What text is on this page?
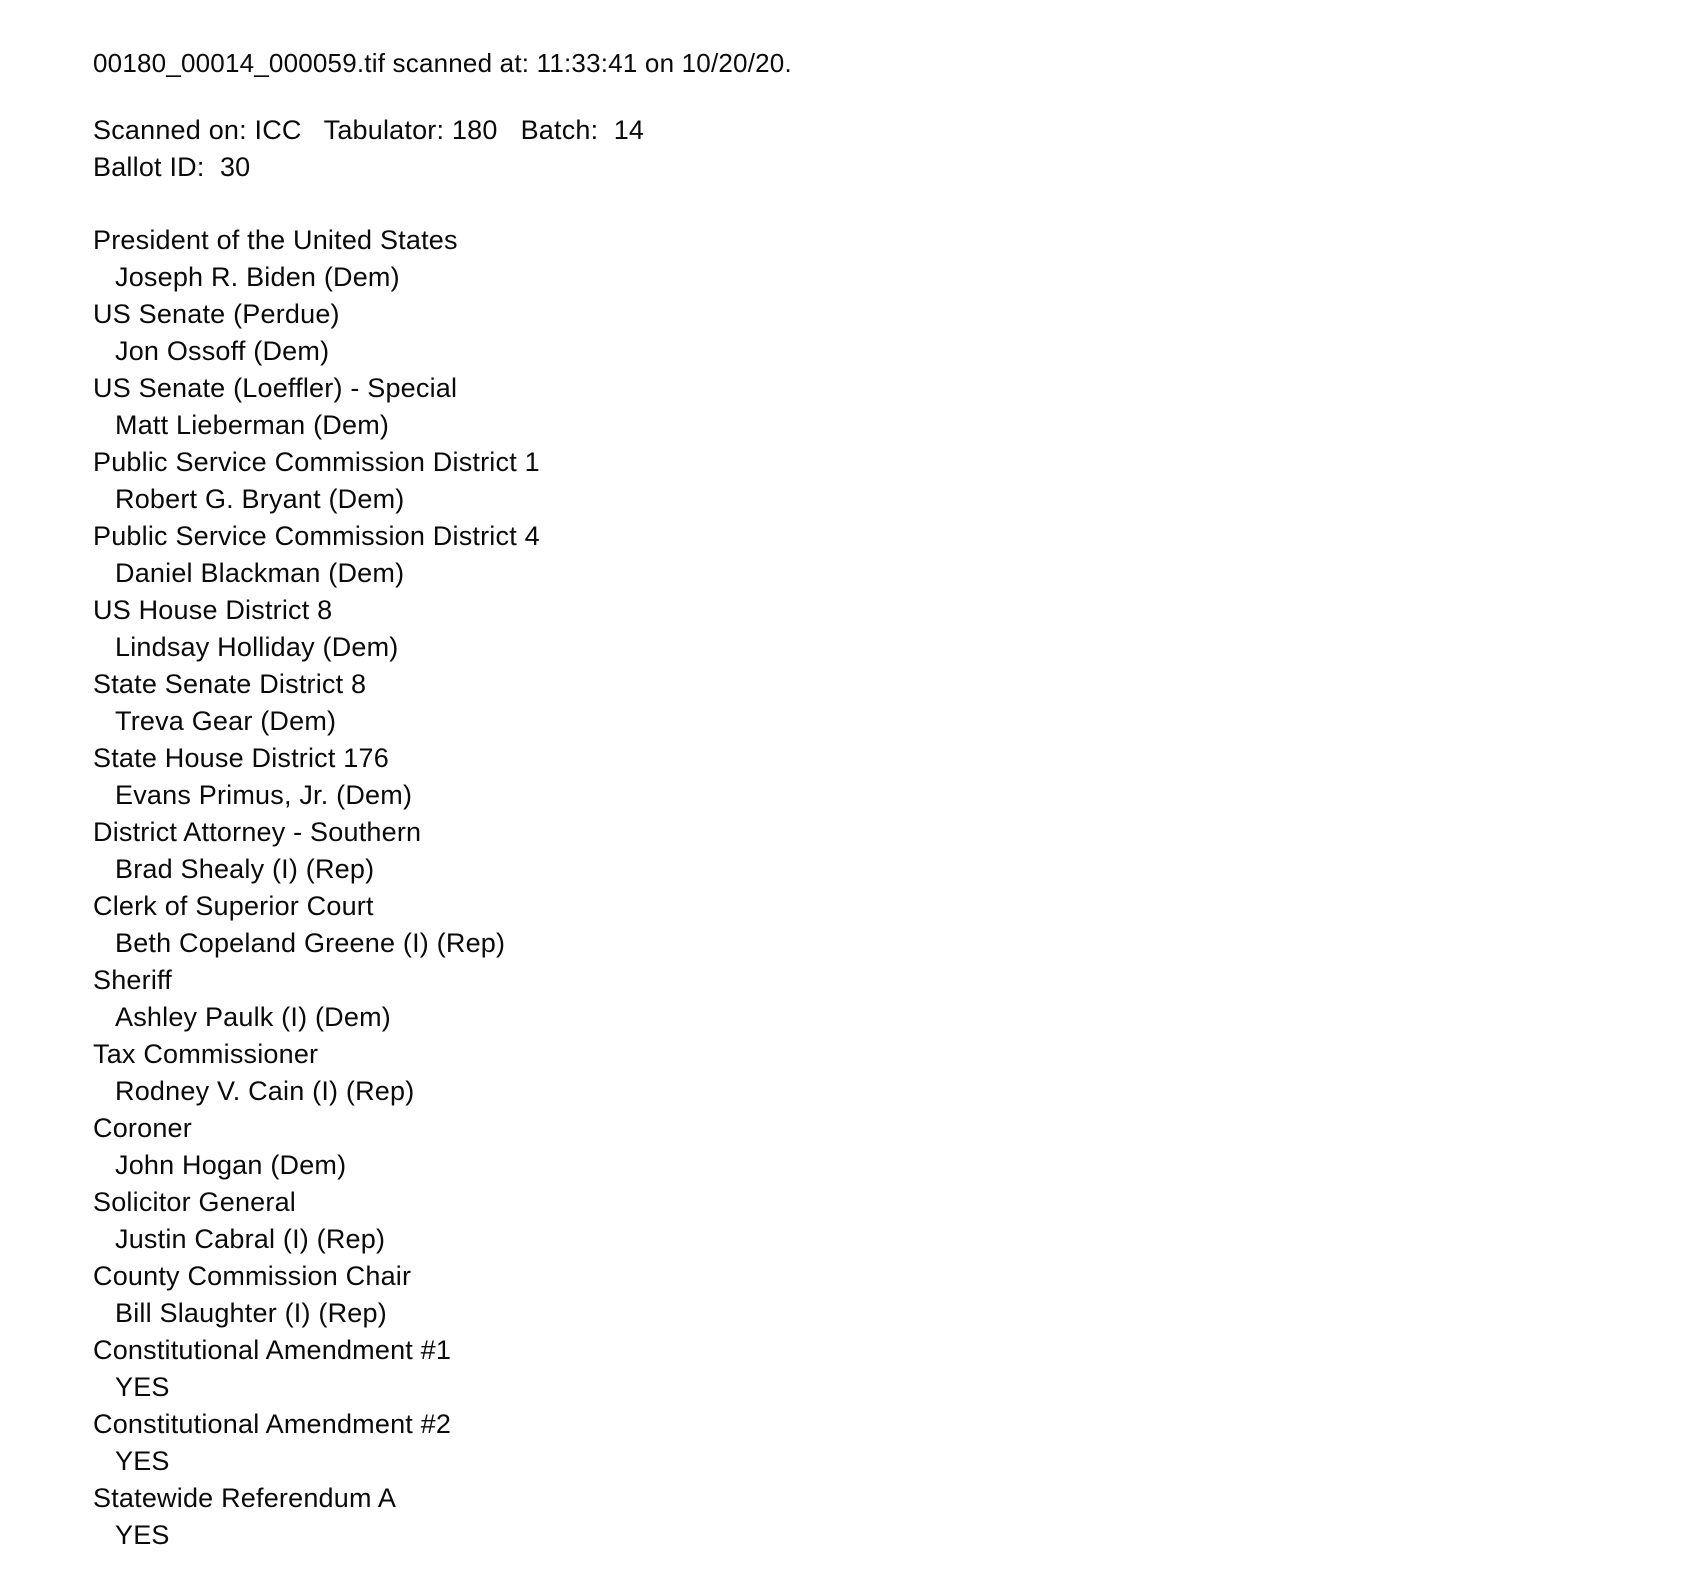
00180_00014_000059.tif scanned at: 11:33:41 on 10/20/20.

Scanned on: ICC Tabulator: 180 Batch:  14

Ballot ID:  30

President of the United States

Joseph R. Biden (Dem)

US Senate (Perdue)

Jon Ossoff (Dem)

US Senate (Loeffler) - Special

Matt Lieberman (Dem)

Public Service Commission District 1

Robert G. Bryant (Dem)

Public Service Commission District 4

Daniel Blackman (Dem)

US House District 8

Lindsay Holliday (Dem)

State Senate District 8

Treva Gear (Dem)

State House District 176

Evans Primus, Jr. (Dem)

District Attorney - Southern

Brad Shealy (I) (Rep)

Clerk of Superior Court

Beth Copeland Greene (I) (Rep)

Sheriff

Ashley Paulk (I) (Dem)

Tax Commissioner

Rodney V. Cain (I) (Rep)

Coroner

John Hogan (Dem)

Solicitor General

Justin Cabral (I) (Rep)

County Commission Chair

Bill Slaughter (I) (Rep)

Constitutional Amendment #1

YES

Constitutional Amendment #2

YES

Statewide Referendum A

YES
